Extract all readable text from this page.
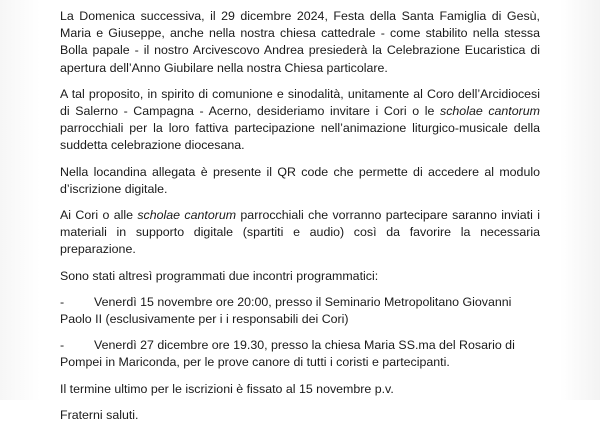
La Domenica successiva, il 29 dicembre 2024, Festa della Santa Famiglia di Gesù, Maria e Giuseppe, anche nella nostra chiesa cattedrale - come stabilito nella stessa Bolla papale - il nostro Arcivescovo Andrea presiederà la Celebrazione Eucaristica di apertura dell’Anno Giubilare nella nostra Chiesa particolare.

A tal proposito, in spirito di comunione e sinodalità, unitamente al Coro dell’Arcidiocesi di Salerno - Campagna - Acerno, desideriamo invitare i Cori o le scholae cantorum parrocchiali per la loro fattiva partecipazione nell’animazione liturgico-musicale della suddetta celebrazione diocesana.

Nella locandina allegata è presente il QR code che permette di accedere al modulo d’iscrizione digitale.

Ai Cori o alle scholae cantorum parrocchiali che vorranno partecipare saranno inviati i materiali in supporto digitale (spartiti e audio) così da favorire la necessaria preparazione.

Sono stati altresì programmati due incontri programmatici:

- Venerdì 15 novembre ore 20:00, presso il Seminario Metropolitano Giovanni Paolo II (esclusivamente per i i responsabili dei Cori)

- Venerdì 27 dicembre ore 19.30, presso la chiesa Maria SS.ma del Rosario di Pompei in Mariconda, per le prove canore di tutti i coristi e partecipanti.

Il termine ultimo per le iscrizioni è fissato al 15 novembre p.v.

Fraterni saluti.
